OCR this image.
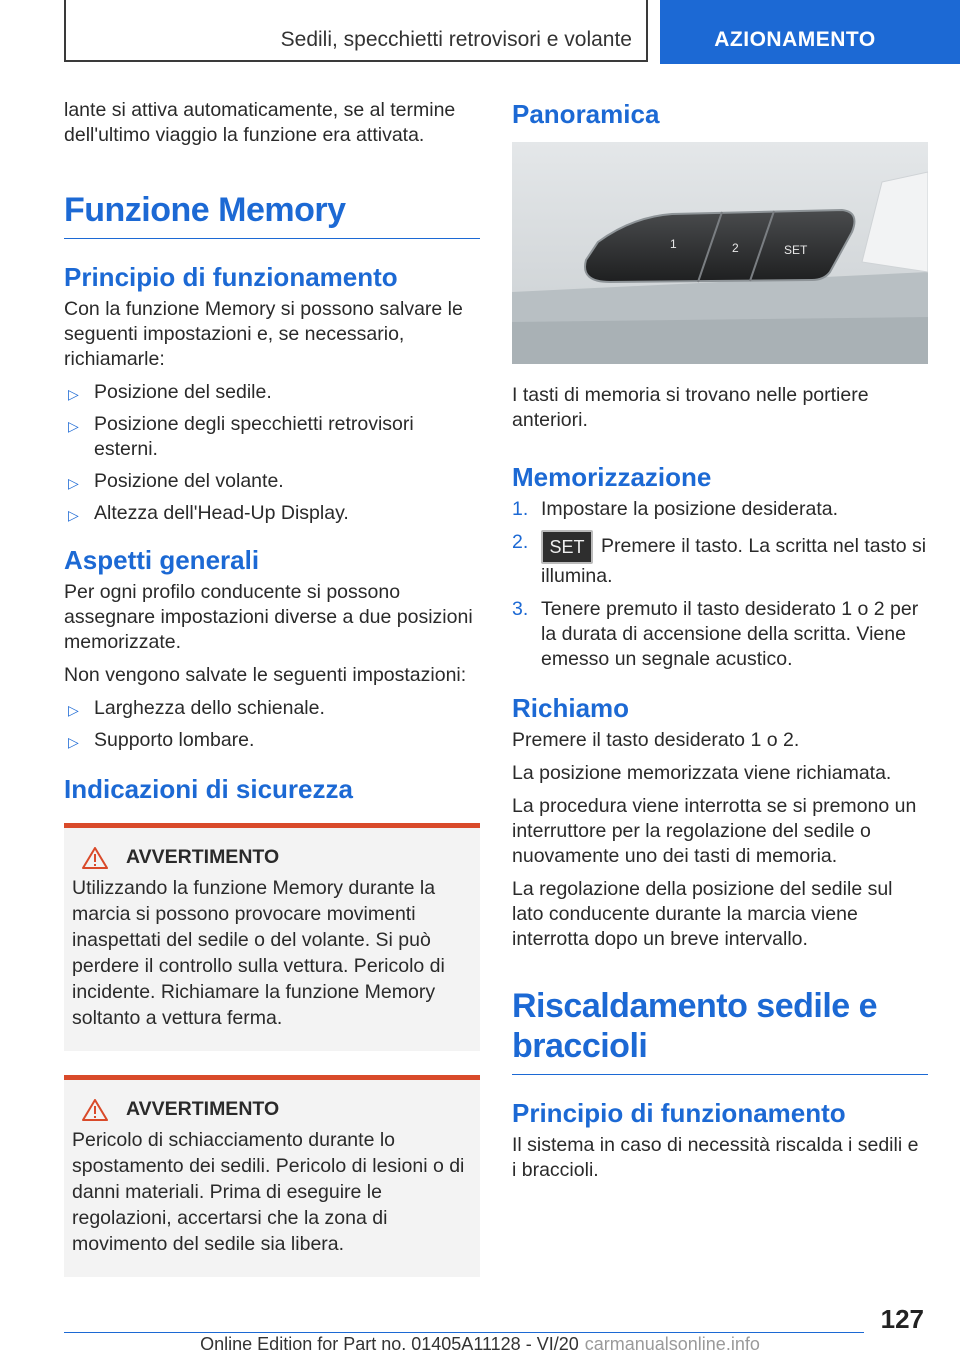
Sedili, specchietti retrovisori e volante	AZIONAMENTO

lante si attiva automaticamente, se al termine dell'ultimo viaggio la funzione era attivata.

Funzione Memory
Principio di funzionamento

Con la funzione Memory si possono salvare le seguenti impostazioni e, se necessario, richiamarle:

▷ Posizione del sedile.
▷ Posizione degli specchietti retrovisori esterni.
▷ Posizione del volante.
▷ Altezza dell'Head-Up Display.
Aspetti generali

Per ogni profilo conducente si possono assegnare impostazioni diverse a due posizioni memorizzate.

Non vengono salvate le seguenti impostazioni:

▷ Larghezza dello schienale.
▷ Supporto lombare.
Indicazioni di sicurezza
AVVERTIMENTO

Utilizzando la funzione Memory durante la marcia si possono provocare movimenti inaspettati del sedile o del volante. Si può perdere il controllo sulla vettura. Pericolo di incidente. Richiamare la funzione Memory soltanto a vettura ferma.

AVVERTIMENTO

Pericolo di schiacciamento durante lo spostamento dei sedili. Pericolo di lesioni o di danni materiali. Prima di eseguire le regolazioni, accertarsi che la zona di movimento del sedile sia libera.

Panoramica
1	2	SET

I tasti di memoria si trovano nelle portiere anteriori.

Memorizzazione
1. Impostare la posizione desiderata.
2. SET Premere il tasto. La scritta nel tasto si illumina.
3. Tenere premuto il tasto desiderato 1 o 2 per la durata di accensione della scritta. Viene emesso un segnale acustico.
Richiamo

Premere il tasto desiderato 1 o 2.

La posizione memorizzata viene richiamata.

La procedura viene interrotta se si premono un interruttore per la regolazione del sedile o nuovamente uno dei tasti di memoria.

La regolazione della posizione del sedile sul lato conducente durante la marcia viene interrotta dopo un breve intervallo.

Riscaldamento sedile e braccioli
Principio di funzionamento

Il sistema in caso di necessità riscalda i sedili e i braccioli.

127
Online Edition for Part no. 01405A11128 - VI/20 carmanualsonline.info
